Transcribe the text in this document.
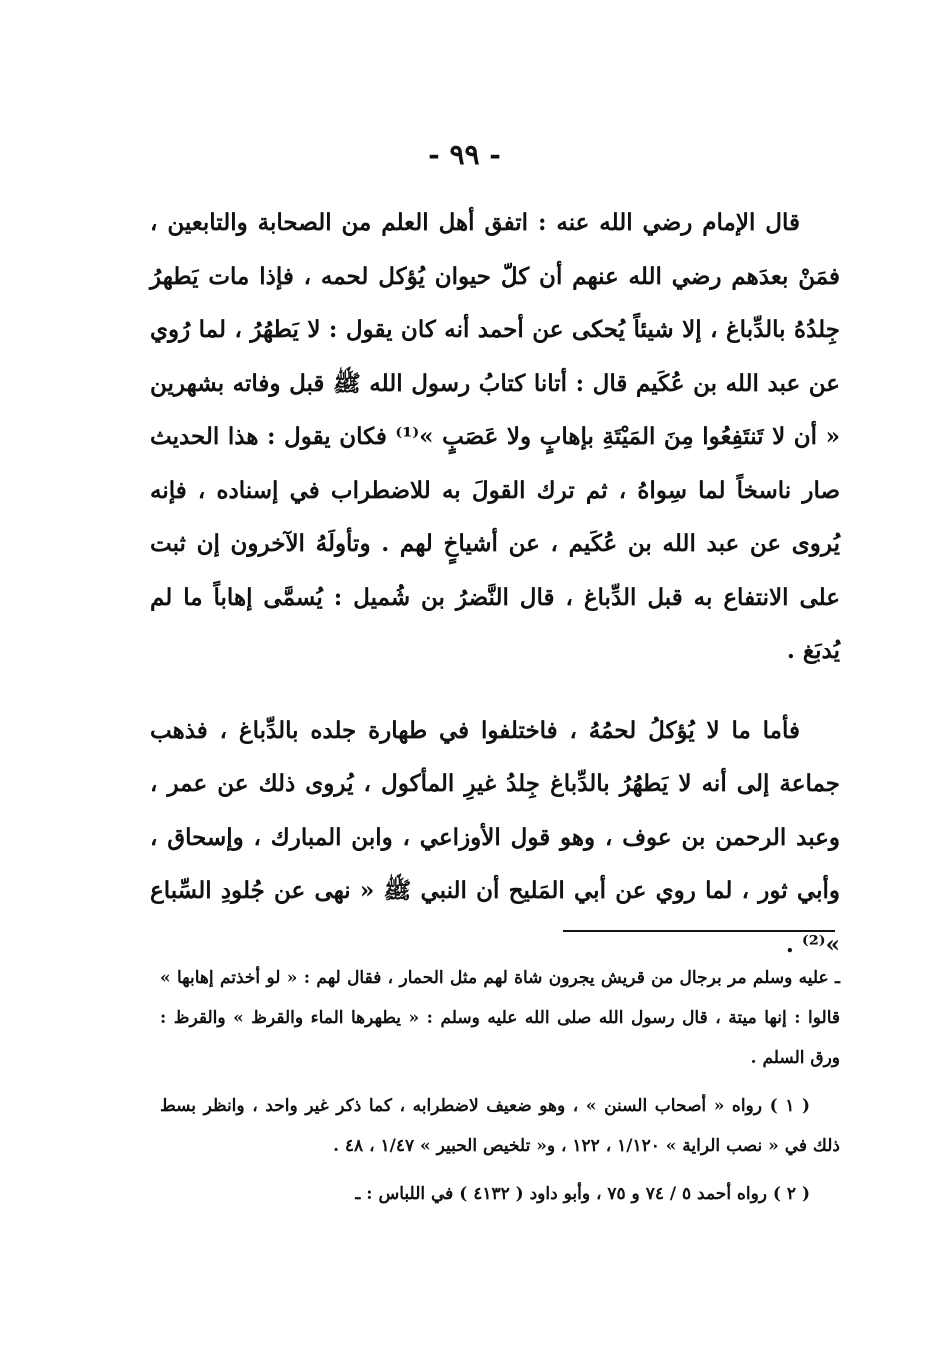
- ٩٩ -

قال الإمام رضي الله عنه : اتفق أهل العلم من الصحابة والتابعين ، فمَنْ بعدَهم رضي الله عنهم أن كلّ حيوان يُؤكل لحمه ، فإذا مات يَطهرُ جِلدُهُ بالدِّباغ ، إلا شيئاً يُحكى عن أحمد أنه كان يقول : لا يَطهُرُ ، لما رُوي عن عبد الله بن عُكَيم قال : أتانا كتابُ رسول الله ﷺ قبل وفاته بشهرين « أن لا تَنتَفِعُوا مِنَ المَيْتَةِ بإهابٍ ولا عَصَبٍ »⁽¹⁾ فكان يقول : هذا الحديث صار ناسخاً لما سِواهُ ، ثم ترك القولَ به للاضطراب في إسناده ، فإنه يُروى عن عبد الله بن عُكَيم ، عن أشياخٍ لهم . وتأولَهُ الآخرون إن ثبت على الانتفاع به قبل الدِّباغ ، قال النَّضرُ بن شُميل : يُسمَّى إهاباً ما لم يُدبَغ .

فأما ما لا يُؤكلُ لحمُهُ ، فاختلفوا في طهارة جلده بالدِّباغ ، فذهب جماعة إلى أنه لا يَطهُرُ بالدِّباغ جِلدُ غيرِ المأكول ، يُروى ذلك عن عمر ، وعبد الرحمن بن عوف ، وهو قول الأوزاعي ، وابن المبارك ، وإسحاق ، وأبي ثور ، لما روي عن أبي المَليح أن النبي ﷺ « نهى عن جُلودِ السِّباع »⁽²⁾ .

ـ عليه وسلم مر برجال من قريش يجرون شاة لهم مثل الحمار ، فقال لهم : « لو أخذتم إهابها » قالوا : إنها ميتة ، قال رسول الله صلى الله عليه وسلم : « يطهرها الماء والقرظ » والقرظ : ورق السلم .

( ١ ) رواه « أصحاب السنن » ، وهو ضعيف لاضطرابه ، كما ذكر غير واحد ، وانظر بسط ذلك في « نصب الراية » ١/١٢٠ ، ١٢٢ ، و« تلخيص الحبير » ١/٤٧ ، ٤٨ .

( ٢ ) رواه أحمد ٥ / ٧٤ و ٧٥ ، وأبو داود ( ٤١٣٢ ) في اللباس : ـ
